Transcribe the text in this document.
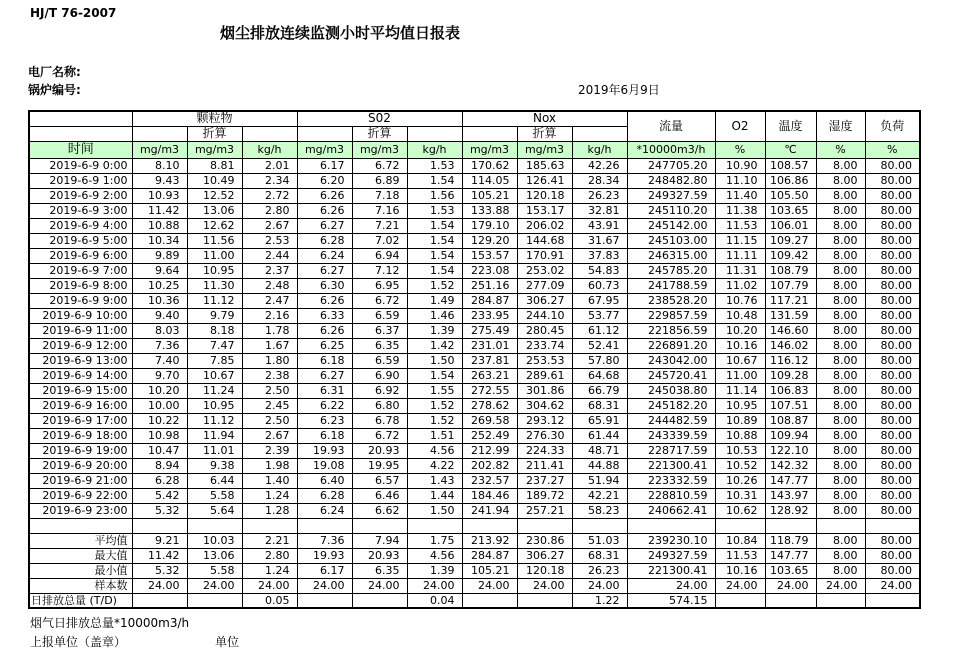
HJ/T 76-2007
烟尘排放连续监测小时平均值日报表
电厂名称:
锅炉编号:	2019年6月9日
	颗粒物			S02			Nox			流量	O2	温度	湿度	负荷
		折算			折算			折算						
时间	mg/m3	mg/m3	kg/h	mg/m3	mg/m3	kg/h	mg/m3	mg/m3	kg/h	*10000m3/h	%	℃	%	%
2019-6-9 0:00	8.10	8.81	2.01	6.17	6.72	1.53	170.62	185.63	42.26	247705.20	10.90	108.57	8.00	80.00
2019-6-9 1:00	9.43	10.49	2.34	6.20	6.89	1.54	114.05	126.41	28.34	248482.80	11.10	106.86	8.00	80.00
2019-6-9 2:00	10.93	12.52	2.72	6.26	7.18	1.56	105.21	120.18	26.23	249327.59	11.40	105.50	8.00	80.00
2019-6-9 3:00	11.42	13.06	2.80	6.26	7.16	1.53	133.88	153.17	32.81	245110.20	11.38	103.65	8.00	80.00
2019-6-9 4:00	10.88	12.62	2.67	6.27	7.21	1.54	179.10	206.02	43.91	245142.00	11.53	106.01	8.00	80.00
2019-6-9 5:00	10.34	11.56	2.53	6.28	7.02	1.54	129.20	144.68	31.67	245103.00	11.15	109.27	8.00	80.00
2019-6-9 6:00	9.89	11.00	2.44	6.24	6.94	1.54	153.57	170.91	37.83	246315.00	11.11	109.42	8.00	80.00
2019-6-9 7:00	9.64	10.95	2.37	6.27	7.12	1.54	223.08	253.02	54.83	245785.20	11.31	108.79	8.00	80.00
2019-6-9 8:00	10.25	11.30	2.48	6.30	6.95	1.52	251.16	277.09	60.73	241788.59	11.02	107.79	8.00	80.00
2019-6-9 9:00	10.36	11.12	2.47	6.26	6.72	1.49	284.87	306.27	67.95	238528.20	10.76	117.21	8.00	80.00
2019-6-9 10:00	9.40	9.79	2.16	6.33	6.59	1.46	233.95	244.10	53.77	229857.59	10.48	131.59	8.00	80.00
2019-6-9 11:00	8.03	8.18	1.78	6.26	6.37	1.39	275.49	280.45	61.12	221856.59	10.20	146.60	8.00	80.00
2019-6-9 12:00	7.36	7.47	1.67	6.25	6.35	1.42	231.01	233.74	52.41	226891.20	10.16	146.02	8.00	80.00
2019-6-9 13:00	7.40	7.85	1.80	6.18	6.59	1.50	237.81	253.53	57.80	243042.00	10.67	116.12	8.00	80.00
2019-6-9 14:00	9.70	10.67	2.38	6.27	6.90	1.54	263.21	289.61	64.68	245720.41	11.00	109.28	8.00	80.00
2019-6-9 15:00	10.20	11.24	2.50	6.31	6.92	1.55	272.55	301.86	66.79	245038.80	11.14	106.83	8.00	80.00
2019-6-9 16:00	10.00	10.95	2.45	6.22	6.80	1.52	278.62	304.62	68.31	245182.20	10.95	107.51	8.00	80.00
2019-6-9 17:00	10.22	11.12	2.50	6.23	6.78	1.52	269.58	293.12	65.91	244482.59	10.89	108.87	8.00	80.00
2019-6-9 18:00	10.98	11.94	2.67	6.18	6.72	1.51	252.49	276.30	61.44	243339.59	10.88	109.94	8.00	80.00
2019-6-9 19:00	10.47	11.01	2.39	19.93	20.93	4.56	212.99	224.33	48.71	228717.59	10.53	122.10	8.00	80.00
2019-6-9 20:00	8.94	9.38	1.98	19.08	19.95	4.22	202.82	211.41	44.88	221300.41	10.52	142.32	8.00	80.00
2019-6-9 21:00	6.28	6.44	1.40	6.40	6.57	1.43	232.57	237.27	51.94	223332.59	10.26	147.77	8.00	80.00
2019-6-9 22:00	5.42	5.58	1.24	6.28	6.46	1.44	184.46	189.72	42.21	228810.59	10.31	143.97	8.00	80.00
2019-6-9 23:00	5.32	5.64	1.28	6.24	6.62	1.50	241.94	257.21	58.23	240662.41	10.62	128.92	8.00	80.00

平均值	9.21	10.03	2.21	7.36	7.94	1.75	213.92	230.86	51.03	239230.10	10.84	118.79	8.00	80.00
最大值	11.42	13.06	2.80	19.93	20.93	4.56	284.87	306.27	68.31	249327.59	11.53	147.77	8.00	80.00
最小值	5.32	5.58	1.24	6.17	6.35	1.39	105.21	120.18	26.23	221300.41	10.16	103.65	8.00	80.00
样本数	24.00	24.00	24.00	24.00	24.00	24.00	24.00	24.00	24.00	24.00	24.00	24.00	24.00	24.00
日排放总量 (T/D)			0.05			0.04			1.22	574.15				
烟气日排放总量*10000m3/h
上报单位（盖章）	单位
